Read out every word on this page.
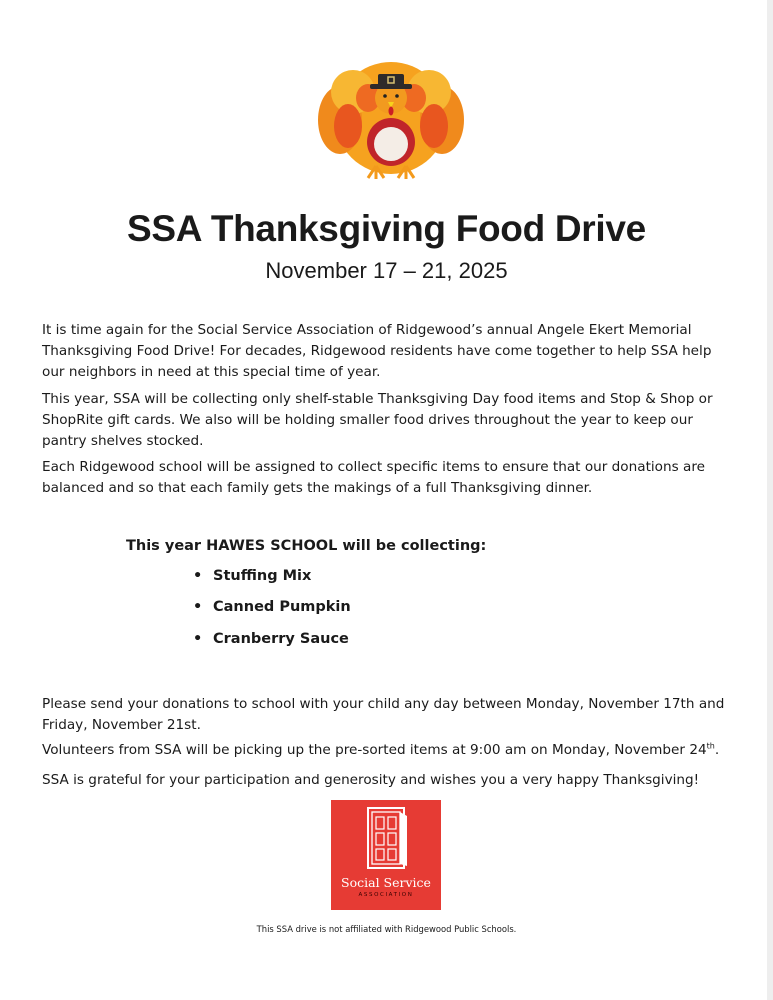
SSA Thanksgiving Food Drive
November 17 – 21, 2025

It is time again for the Social Service Association of Ridgewood’s annual Angele Ekert Memorial Thanksgiving Food Drive! For decades, Ridgewood residents have come together to help SSA help our neighbors in need at this special time of year.

This year, SSA will be collecting only shelf-stable Thanksgiving Day food items and Stop & Shop or ShopRite gift cards. We also will be holding smaller food drives throughout the year to keep our pantry shelves stocked.

Each Ridgewood school will be assigned to collect specific items to ensure that our donations are balanced and so that each family gets the makings of a full Thanksgiving dinner.

This year HAWES SCHOOL will be collecting:
• Stuffing Mix
• Canned Pumpkin
• Cranberry Sauce

Please send your donations to school with your child any day between Monday, November 17th and Friday, November 21st.

Volunteers from SSA will be picking up the pre-sorted items at 9:00 am on Monday, November 24th.

SSA is grateful for your participation and generosity and wishes you a very happy Thanksgiving!

Social Service
ASSOCIATION
This SSA drive is not affiliated with Ridgewood Public Schools.
